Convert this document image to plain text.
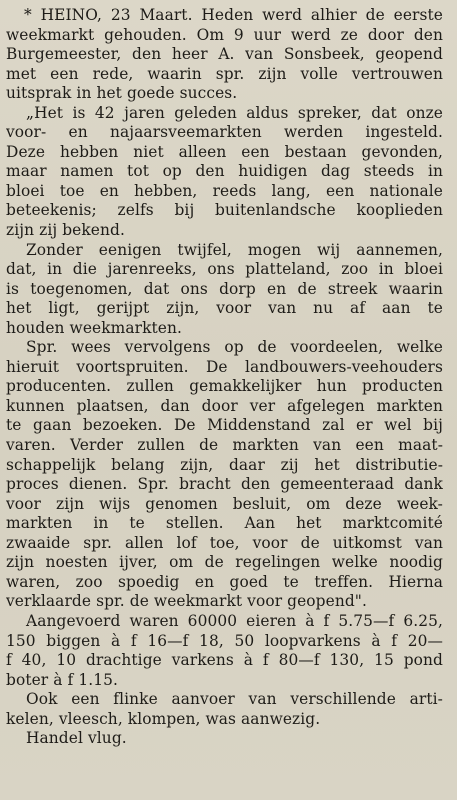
* HEINO, 23 Maart. Heden werd alhier de eerste
weekmarkt gehouden. Om 9 uur werd ze door den
Burgemeester, den heer A. van Sonsbeek, geopend
met een rede, waarin spr. zijn volle vertrouwen
uitsprak in het goede succes.
„Het is 42 jaren geleden aldus spreker, dat onze
voor- en najaarsveemarkten werden ingesteld.
Deze hebben niet alleen een bestaan gevonden,
maar namen tot op den huidigen dag steeds in
bloei toe en hebben, reeds lang, een nationale
beteekenis; zelfs bij buitenlandsche kooplieden
zijn zij bekend.
Zonder eenigen twijfel, mogen wij aannemen,
dat, in die jarenreeks, ons platteland, zoo in bloei
is toegenomen, dat ons dorp en de streek waarin
het ligt, gerijpt zijn, voor van nu af aan te
houden weekmarkten.
Spr. wees vervolgens op de voordeelen, welke
hieruit voortspruiten. De landbouwers-veehouders
producenten. zullen gemakkelijker hun producten
kunnen plaatsen, dan door ver afgelegen markten
te gaan bezoeken. De Middenstand zal er wel bij
varen. Verder zullen de markten van een maat-
schappelijk belang zijn, daar zij het distributie-
proces dienen. Spr. bracht den gemeenteraad dank
voor zijn wijs genomen besluit, om deze week-
markten in te stellen. Aan het marktcomité
zwaaide spr. allen lof toe, voor de uitkomst van
zijn noesten ijver, om de regelingen welke noodig
waren, zoo spoedig en goed te treffen. Hierna
verklaarde spr. de weekmarkt voor geopend".
Aangevoerd waren 60000 eieren à f 5.75—f 6.25,
150 biggen à f 16—f 18, 50 loopvarkens à f 20—
f 40, 10 drachtige varkens à f 80—f 130, 15 pond
boter à f 1.15.
Ook een flinke aanvoer van verschillende arti-
kelen, vleesch, klompen, was aanwezig.
Handel vlug.
